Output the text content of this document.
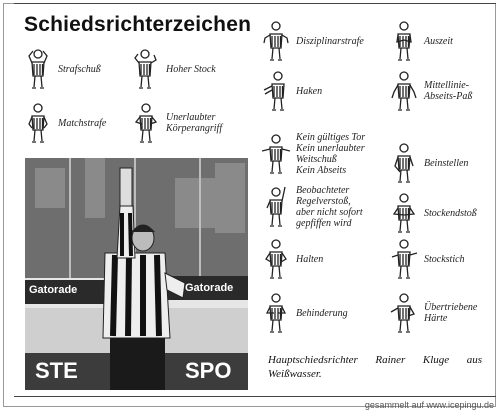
Schiedsrichterzeichen
Strafschuß	Hoher Stock
Matchstrafe	Unerlaubter
Körperangriff
Gatorade	Gatorade
STE	SPO
Disziplinarstrafe	Auszeit
Haken	Mittellinie-
Abseits-Paß
Kein gültiges Tor
Kein unerlaubter
Weitschuß
Kein Abseits
Beinstellen
Beobachteter
Regelverstoß,
aber nicht sofort
gepfiffen wird
Stockendstoß
Halten	Stockstich
Behinderung	Übertriebene
Härte
Hauptschiedsrichter Rainer Kluge aus Weißwasser.
gesammelt auf www.icepingu.de
